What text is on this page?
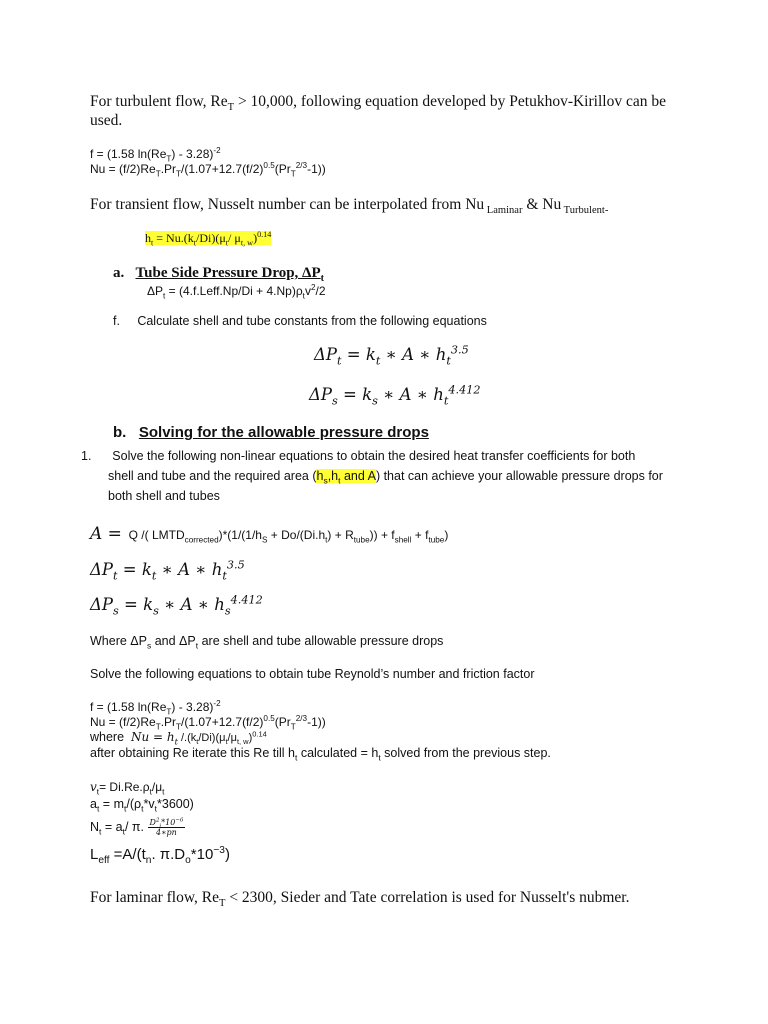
For turbulent flow, $Re_T > 10,000$, following equation developed by Petukhov-Kirillov can be

used.

f = (1.58 $\ln(Re_T) - 3.28)^{-2}$

$Nu = (f/2)Re_T.Pr_T/(1.07+12.7(f/2)^{0.5}(Pr_T^{2/3}-1))$

For transient flow, Nusselt number can be interpolated from Nu $_{Laminar}$ & Nu $_{Turbulent-}$

$h_t = Nu.(k_t/Di)(\mu_t/$ $\mu_{t, w})^{0.14}$

a. Tube Side Pressure Drop, $\Delta P_t$

$\Delta P_t$ = (4.f.Leff.Np/Di + $4.Np)\rho_tv^2/2$

f. Calculate shell and tube constants from the following equations

$\Delta P_t = k_t$ ∗ A ∗ $h_t^{3.5}$

$\Delta P_s = k_s$ ∗ A ∗ $h_t^{4.412}$

b. Solving for the allowable pressure drops

1. Solve the following non-linear equations to obtain the desired heat transfer coefficients for both

shell and tube and the required area ($h_s,h_t$ and A) that can achieve your allowable pressure drops for

both shell and tubes

A =  Q /( $LMTD_{corrected})*(1/(1/h_S + Do/(Di.h_t) + R_{tube})) + f_{shell} + f_{tube}$)

$\Delta P_t = k_t$ ∗ A ∗ $h_t^{3.5}$

$\Delta P_s = k_s$ ∗ A ∗ $h_s^{4.412}$

Where $\Delta P_s$ and $\Delta P_t$ are shell and tube allowable pressure drops

Solve the following equations to obtain tube Reynold’s number and friction factor

f = (1.58 $\ln(Re_T) - 3.28)^{-2}$

$Nu = (f/2)Re_T.Pr_T/(1.07+12.7(f/2)^{0.5}(Pr_T^{2/3}-1))$

where  $Nu = h_t$ $/.(k_t/Di)(\mu_t/\mu_{t, w})^{0.14}$

after obtaining Re iterate this Re till $h_t$ calculated = $h_t$ solved from the previous step.

$v_t= Di.Re.\rho_t/\mu_t$

$a_t = m_t/(\rho_t*v_t*3600)$

$N_t = a_t/$ π. $\frac{D^2_i*10^{-6}}{4∗pn}$

$L_{eff} =A/(t_n$. $\pi.D_o*10^{-3}$)

For laminar flow, $Re_T < 2300$, Sieder and Tate correlation is used for Nusselt's nubmer.
